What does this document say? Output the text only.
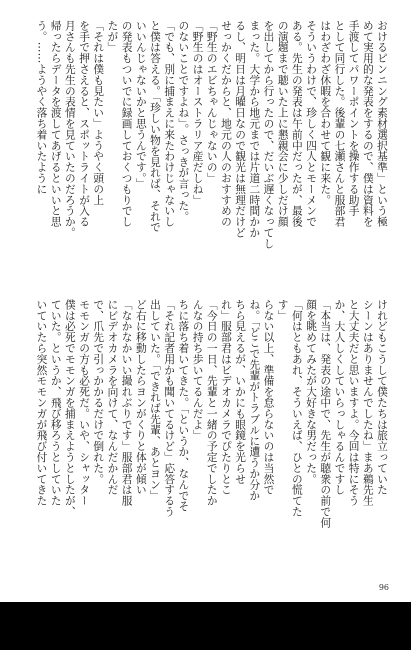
おけるピンニング素材選択基準」という極
めて実用的な発表をするので、僕は資料を
手渡してパワーポイントを操作する助手
として同行した。後輩の七瀬さんと服部君
はわざわざ休暇を合わせて観に来た。
そういうわけで、珍しく四人とモーメンで
ある。先生の発表は午前中だったが、最後
の演題まで聴いた上に懇親会に少しだけ顔
を出してから行ったので、だいぶ遅くなってし
まった。大学から地元までは片道二時間かか
るし、明日は月曜日なので観光は無理だけど
せっかくだからと、地元の人のおすすめの
「野生のエビちゃんじゃないの」
「野生のはオーストラリア産だしね」
のないことですよね」。さっきが言った。
「でも、別に捕まえに来たわけじゃないし
と僕は答える。「珍しい物を見れば、それで
いいんじゃないかと思うんです。」
の発表もついでに録画しておくつもりでし
たが」
「それは僕も見たい」ようやく頭の上
を手で押さえると、スポットライトが入る
月さんも先生の表情を見ていたのだろうか。
帰ったらデータを渡してあげるといいと思
う。……ようやく落ち着いたように
けれどもこうして僕たちは旅立っていた
シーンはありませんでしたね」まあ鵜先生
と大丈夫だと思いますよ。今回は特にそう
か、大人しくしていらっしゃるんですし
「本当は、発表の途中で、先生が聴衆の前で何
顔を眺めてみたが大好きな男だった。
「何はともあれ、そういえば、ひとの慌てた
す」
らない以上、準備を怠らないのは当然で
ね。「どこで先輩がトラブルに遭うか分か
ちら見えるが、いかにも眼鏡を光らせ
れ」服部君はビデオカメラでぴたりとこ
「今日の一日、先輩と一緒の予定でしたか
んなの持ち歩いてるんだよ」
ちに落ち着いてきた。「というか、なんでそ
「それ記者用かも聞いてるけど」応答するう
出していた。「できれば先輩、あとヨン」
ど右に移動したらヨンがくりと体が傾い
「なかなかいい撮れぶりです」服部君は服
にビデオカメラを向けて、なんだかんだ
で、爪先で引っかかるだけで倒れた。
モモンガの方も必死だ。いや、シャッター
僕は必死でモモンガを捕まえようとしたが、
ていた。というか、飛び移ろうとしていた
いていたら突然モモンガが飛び付いてきた
96
